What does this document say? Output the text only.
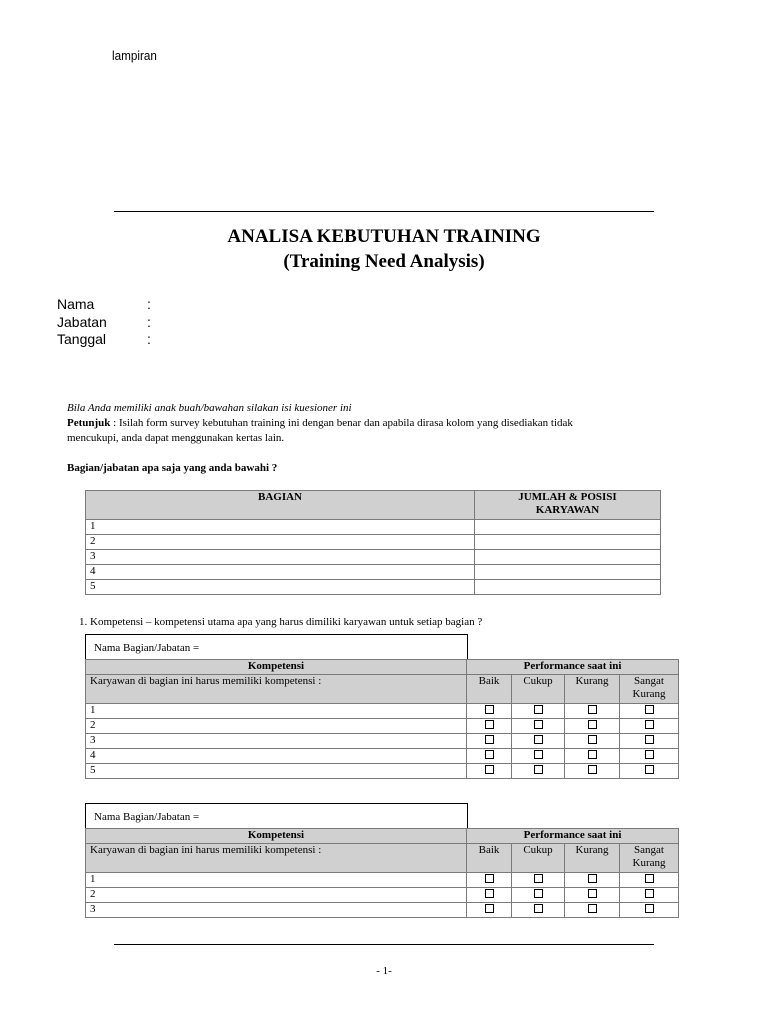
lampiran
ANALISA KEBUTUHAN TRAINING
(Training Need Analysis)
Nama	:
Jabatan	:
Tanggal	:
Bila Anda memiliki anak buah/bawahan silakan isi kuesioner ini
Petunjuk : Isilah form survey kebutuhan training ini dengan benar dan apabila dirasa kolom yang disediakan tidak
mencukupi, anda dapat menggunakan kertas lain.
Bagian/jabatan apa saja yang anda bawahi ?
BAGIAN	JUMLAH & POSISI
KARYAWAN
1	
2	
3	
4	
5	
1. Kompetensi – kompetensi utama apa yang harus dimiliki karyawan untuk setiap bagian ?
Nama Bagian/Jabatan =
Kompetensi	Performance saat ini			
Karyawan di bagian ini harus memiliki kompetensi :	Baik	Cukup	Kurang	Sangat
Kurang
1				
2				
3				
4				
5				
Nama Bagian/Jabatan =
Kompetensi	Performance saat ini			
Karyawan di bagian ini harus memiliki kompetensi :	Baik	Cukup	Kurang	Sangat
Kurang
1				
2				
3				
- 1-
